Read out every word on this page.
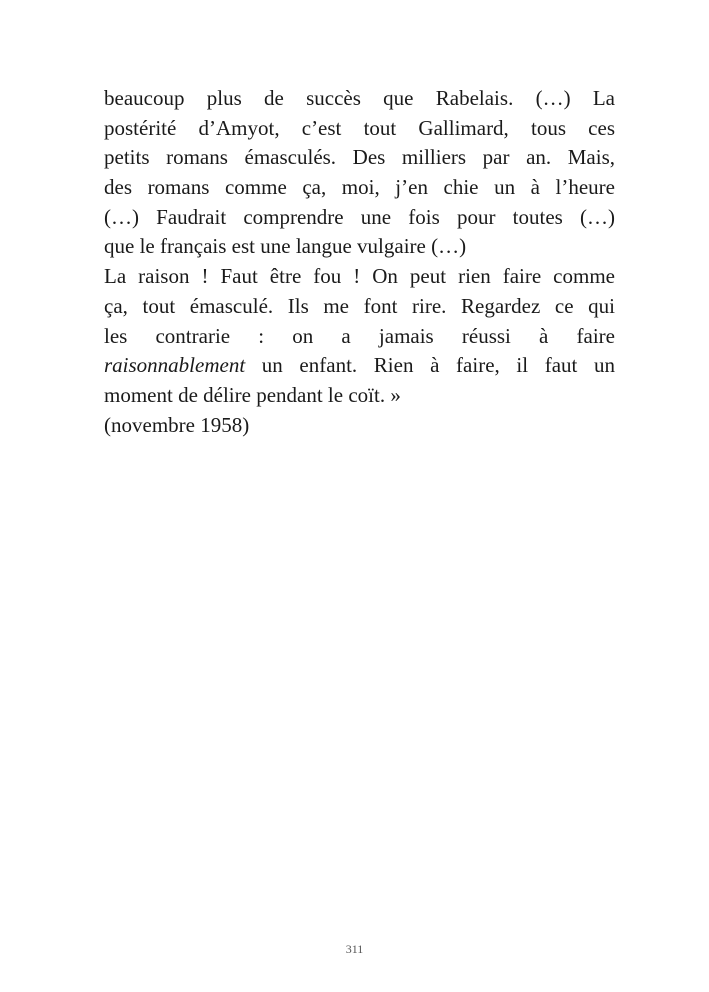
beaucoup plus de succès que Rabelais. (…) La
postérité d’Amyot, c’est tout Gallimard, tous ces
petits romans émasculés. Des milliers par an. Mais,
des romans comme ça, moi, j’en chie un à l’heure
(…) Faudrait comprendre une fois pour toutes (…)
que le français est une langue vulgaire (…)
La raison ! Faut être fou ! On peut rien faire comme
ça, tout émasculé. Ils me font rire. Regardez ce qui
les contrarie : on a jamais réussi à faire
raisonnablement un enfant. Rien à faire, il faut un
moment de délire pendant le coït. »
(novembre 1958)
311
